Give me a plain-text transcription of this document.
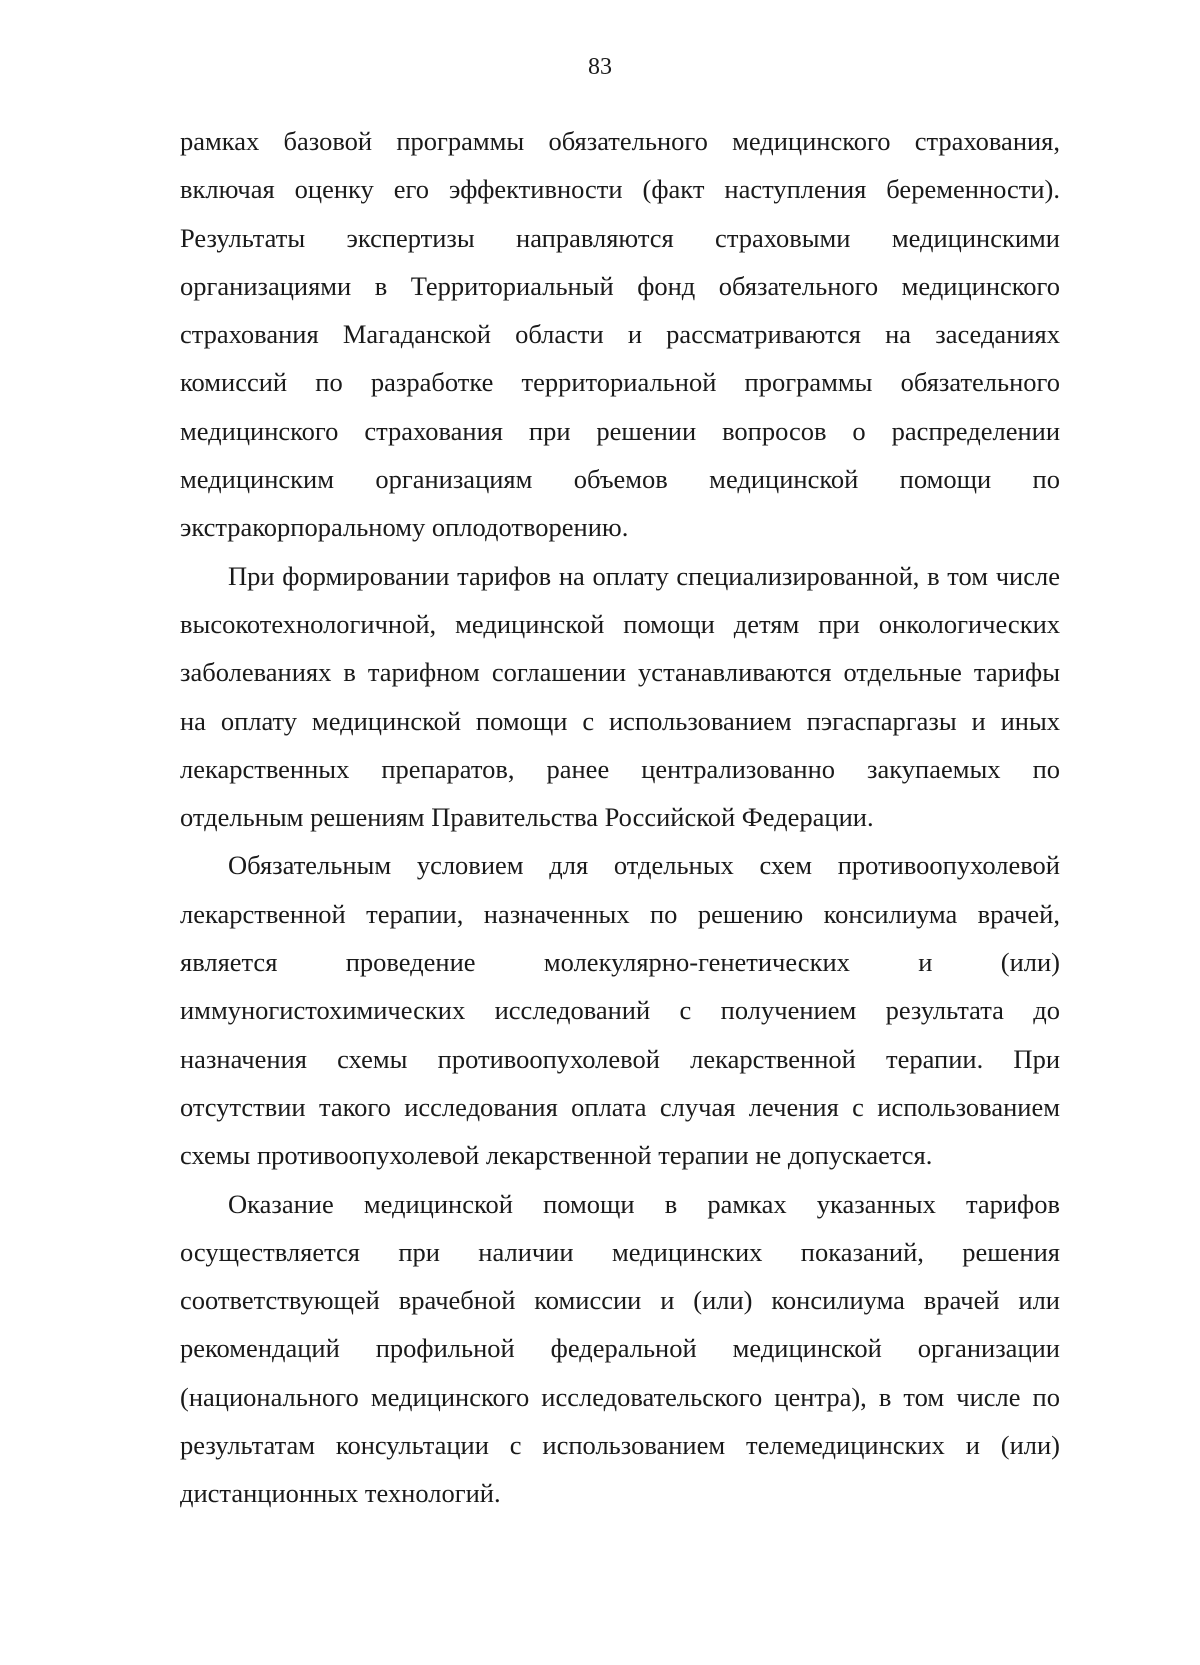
83

рамках базовой программы обязательного медицинского страхования, включая оценку его эффективности (факт наступления беременности). Результаты экспертизы направляются страховыми медицинскими организациями в Территориальный фонд обязательного медицинского страхования Магаданской области и рассматриваются на заседаниях комиссий по разработке территориальной программы обязательного медицинского страхования при решении вопросов о распределении медицинским организациям объемов медицинской помощи по экстракорпоральному оплодотворению.

При формировании тарифов на оплату специализированной, в том числе высокотехнологичной, медицинской помощи детям при онкологических заболеваниях в тарифном соглашении устанавливаются отдельные тарифы на оплату медицинской помощи с использованием пэгаспаргазы и иных лекарственных препаратов, ранее централизованно закупаемых по отдельным решениям Правительства Российской Федерации.

Обязательным условием для отдельных схем противоопухолевой лекарственной терапии, назначенных по решению консилиума врачей, является проведение молекулярно-генетических и (или) иммуногистохимических исследований с получением результата до назначения схемы противоопухолевой лекарственной терапии. При отсутствии такого исследования оплата случая лечения с использованием схемы противоопухолевой лекарственной терапии не допускается.

Оказание медицинской помощи в рамках указанных тарифов осуществляется при наличии медицинских показаний, решения соответствующей врачебной комиссии и (или) консилиума врачей или рекомендаций профильной федеральной медицинской организации (национального медицинского исследовательского центра), в том числе по результатам консультации с использованием телемедицинских и (или) дистанционных технологий.
